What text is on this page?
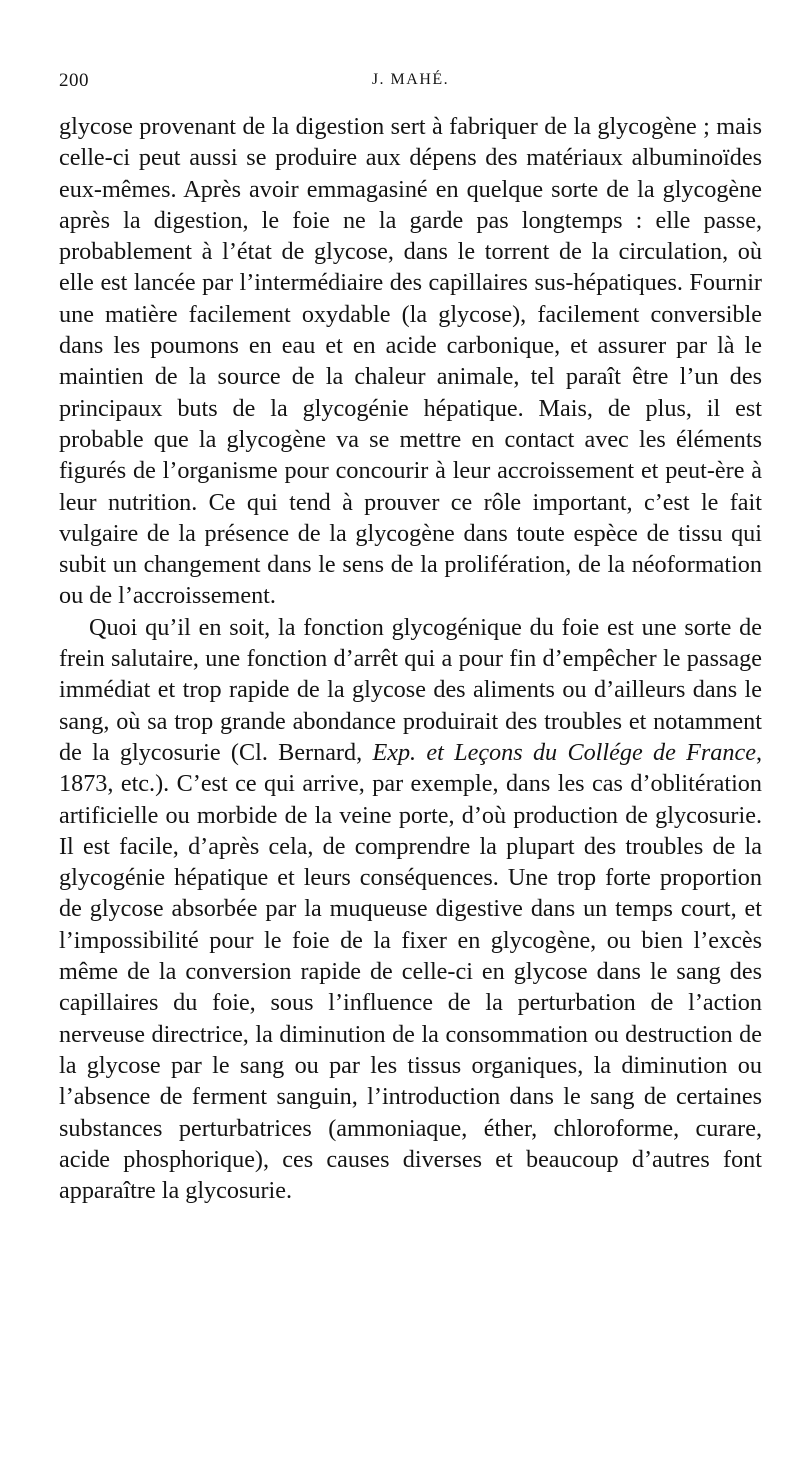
200	J. MAHÉ.

glycose provenant de la digestion sert à fabriquer de la glycogène ; mais celle-ci peut aussi se produire aux dépens des matériaux albuminoïdes eux-mêmes. Après avoir emmagasiné en quelque sorte de la glycogène après la digestion, le foie ne la garde pas longtemps : elle passe, probablement à l’état de glycose, dans le torrent de la circulation, où elle est lancée par l’intermédiaire des capillaires sus-hépatiques. Fournir une matière facilement oxydable (la glycose), facilement conversible dans les poumons en eau et en acide carbonique, et assurer par là le maintien de la source de la chaleur animale, tel paraît être l’un des principaux buts de la glycogénie hépatique. Mais, de plus, il est probable que la glycogène va se mettre en contact avec les éléments figurés de l’organisme pour concourir à leur accroissement et peut-ère à leur nutrition. Ce qui tend à prouver ce rôle important, c’est le fait vulgaire de la présence de la glycogène dans toute espèce de tissu qui subit un changement dans le sens de la prolifération, de la néoformation ou de l’accroissement.

Quoi qu’il en soit, la fonction glycogénique du foie est une sorte de frein salutaire, une fonction d’arrêt qui a pour fin d’empêcher le passage immédiat et trop rapide de la glycose des aliments ou d’ailleurs dans le sang, où sa trop grande abondance produirait des troubles et notamment de la glycosurie (Cl. Bernard, Exp. et Leçons du Collége de France, 1873, etc.). C’est ce qui arrive, par exemple, dans les cas d’oblitération artificielle ou morbide de la veine porte, d’où production de glycosurie. Il est facile, d’après cela, de comprendre la plupart des troubles de la glycogénie hépatique et leurs conséquences. Une trop forte proportion de glycose absorbée par la muqueuse digestive dans un temps court, et l’impossibilité pour le foie de la fixer en glycogène, ou bien l’excès même de la conversion rapide de celle-ci en glycose dans le sang des capillaires du foie, sous l’influence de la perturbation de l’action nerveuse directrice, la diminution de la consommation ou destruction de la glycose par le sang ou par les tissus organiques, la diminution ou l’absence de ferment sanguin, l’introduction dans le sang de certaines substances perturbatrices (ammoniaque, éther, chloroforme, curare, acide phosphorique), ces causes diverses et beaucoup d’autres font apparaître la glycosurie.
